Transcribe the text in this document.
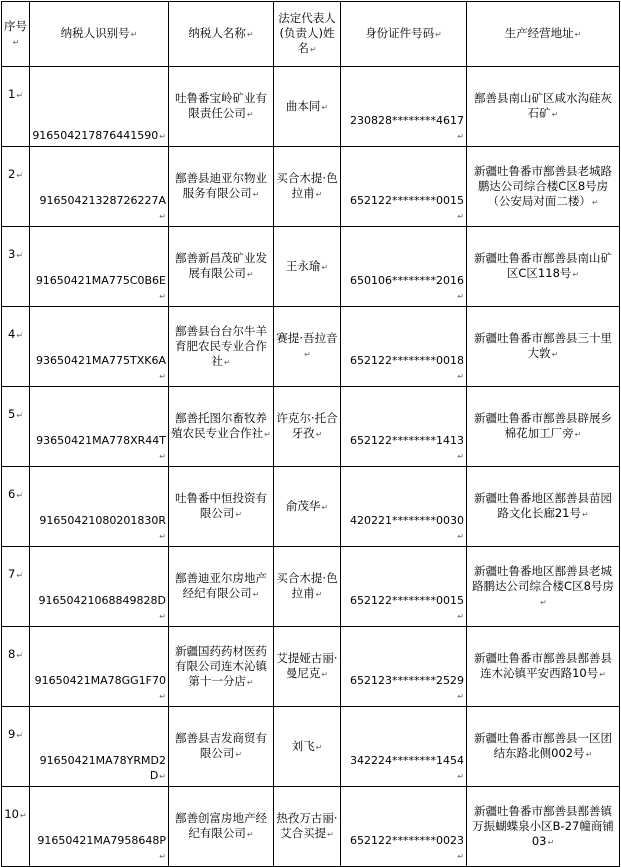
序号 ↵	纳税人识别号 ↵	纳税人名称 ↵	法定代表人(负责人)姓名 ↵	身份证件号码 ↵	生产经营地址 ↵
1 ↵	916504217876441590 ↵	吐鲁番宝岭矿业有限责任公司 ↵	曲本同 ↵	230828********4617 ↵	鄯善县南山矿区咸水沟硅灰石矿 ↵
2 ↵	91650421328726227A ↵	鄯善县迪亚尔物业服务有限公司 ↵	买合木提·色拉甫 ↵	652122********0015 ↵	新疆吐鲁番市鄯善县老城路鹏达公司综合楼C区8号房（公安局对面二楼） ↵
3 ↵	91650421MA775C0B6E ↵	鄯善新昌茂矿业发展有限公司 ↵	王永瑜 ↵	650106********2016 ↵	新疆吐鲁番市鄯善县南山矿区C区118号 ↵
4 ↵	93650421MA775TXK6A ↵	鄯善县台台尔牛羊育肥农民专业合作社 ↵	赛提·吾拉音 ↵	652122********0018 ↵	新疆吐鲁番市鄯善县三十里大敦 ↵
5 ↵	93650421MA778XR44T ↵	鄯善托图尔畜牧养殖农民专业合作社 ↵	许克尔·托合牙孜 ↵	652122********1413 ↵	新疆吐鲁番市鄯善县辟展乡棉花加工厂旁 ↵
6 ↵	91650421080201830R ↵	吐鲁番中恒投资有限公司 ↵	俞茂华 ↵	420221********0030 ↵	新疆吐鲁番地区鄯善县苗园路文化长廊21号 ↵
7 ↵	91650421068849828D ↵	鄯善迪亚尔房地产经纪有限公司 ↵	买合木提·色拉甫 ↵	652122********0015 ↵	新疆吐鲁番地区鄯善县老城路鹏达公司综合楼C区8号房 ↵
8 ↵	91650421MA78GG1F70 ↵	新疆国药药材医药有限公司连木沁镇第十一分店 ↵	艾提娅古丽·曼尼克 ↵	652123********2529 ↵	新疆吐鲁番市鄯善县鄯善县连木沁镇平安西路10号 ↵
9 ↵	91650421MA78YRMD2D ↵	鄯善县吉发商贸有限公司 ↵	刘飞 ↵	342224********1454 ↵	新疆吐鲁番市鄯善县一区团结东路北侧002号 ↵
10 ↵	91650421MA7958648P ↵	鄯善创富房地产经纪有限公司 ↵	热孜万古丽·艾合买提 ↵	652122********0023 ↵	新疆吐鲁番市鄯善县鄯善镇万振蝴蝶泉小区B-27幢商铺03 ↵
